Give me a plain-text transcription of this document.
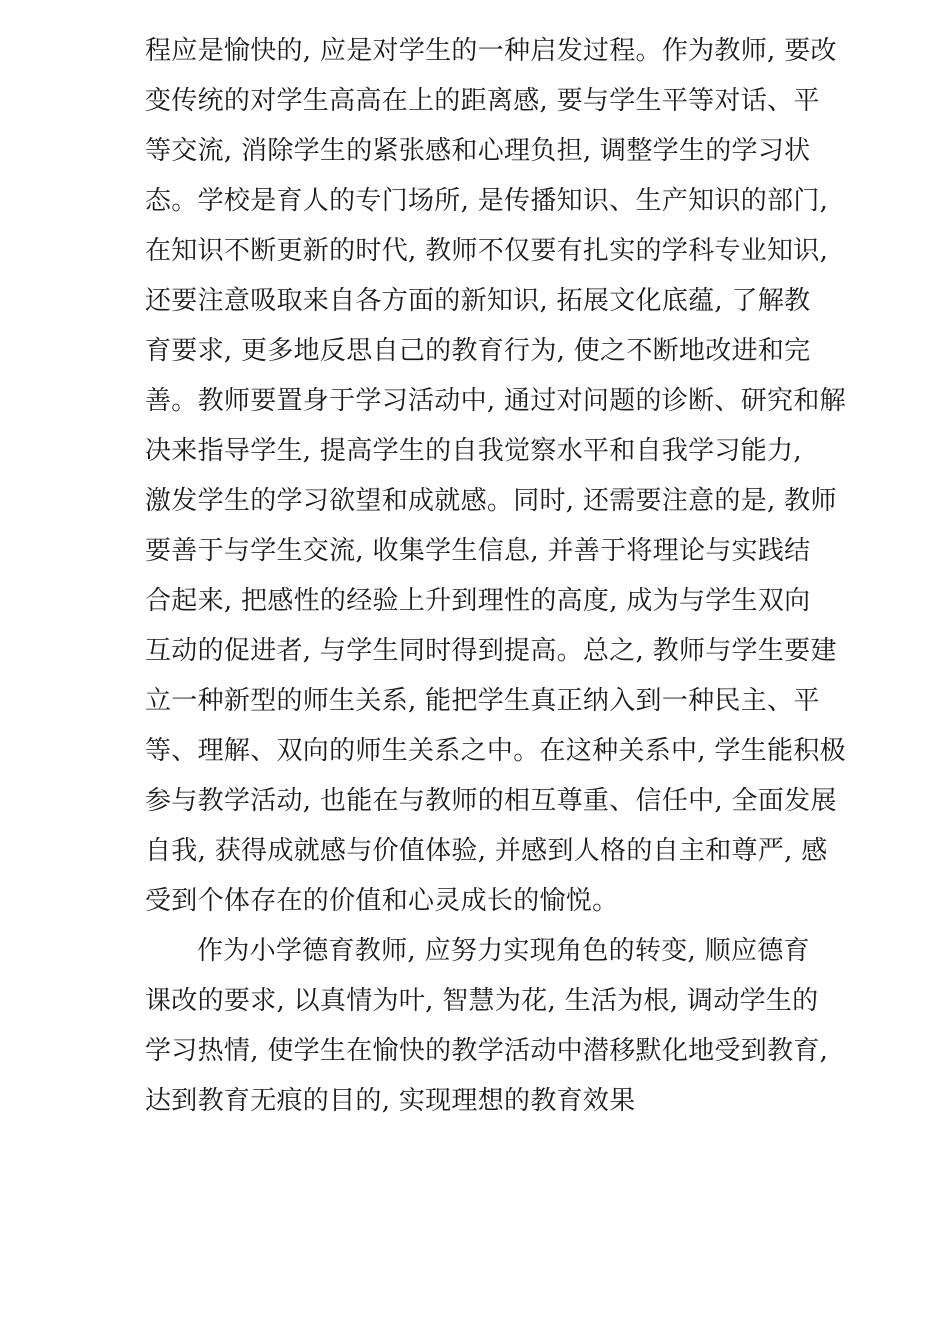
程应是愉快的, 应是对学生的一种启发过程。作为教师, 要改
变传统的对学生高高在上的距离感, 要与学生平等对话、平
等交流, 消除学生的紧张感和心理负担, 调整学生的学习状
态。学校是育人的专门场所, 是传播知识、生产知识的部门,
在知识不断更新的时代, 教师不仅要有扎实的学科专业知识,
还要注意吸取来自各方面的新知识, 拓展文化底蕴, 了解教
育要求, 更多地反思自己的教育行为, 使之不断地改进和完
善。教师要置身于学习活动中, 通过对问题的诊断、研究和解
决来指导学生, 提高学生的自我觉察水平和自我学习能力,
激发学生的学习欲望和成就感。同时, 还需要注意的是, 教师
要善于与学生交流, 收集学生信息, 并善于将理论与实践结
合起来, 把感性的经验上升到理性的高度, 成为与学生双向
互动的促进者, 与学生同时得到提高。总之, 教师与学生要建
立一种新型的师生关系, 能把学生真正纳入到一种民主、平
等、理解、双向的师生关系之中。在这种关系中, 学生能积极
参与教学活动, 也能在与教师的相互尊重、信任中, 全面发展
自我, 获得成就感与价值体验, 并感到人格的自主和尊严, 感
受到个体存在的价值和心灵成长的愉悦。
作为小学德育教师, 应努力实现角色的转变, 顺应德育
课改的要求, 以真情为叶, 智慧为花, 生活为根, 调动学生的
学习热情, 使学生在愉快的教学活动中潜移默化地受到教育,
达到教育无痕的目的, 实现理想的教育效果
